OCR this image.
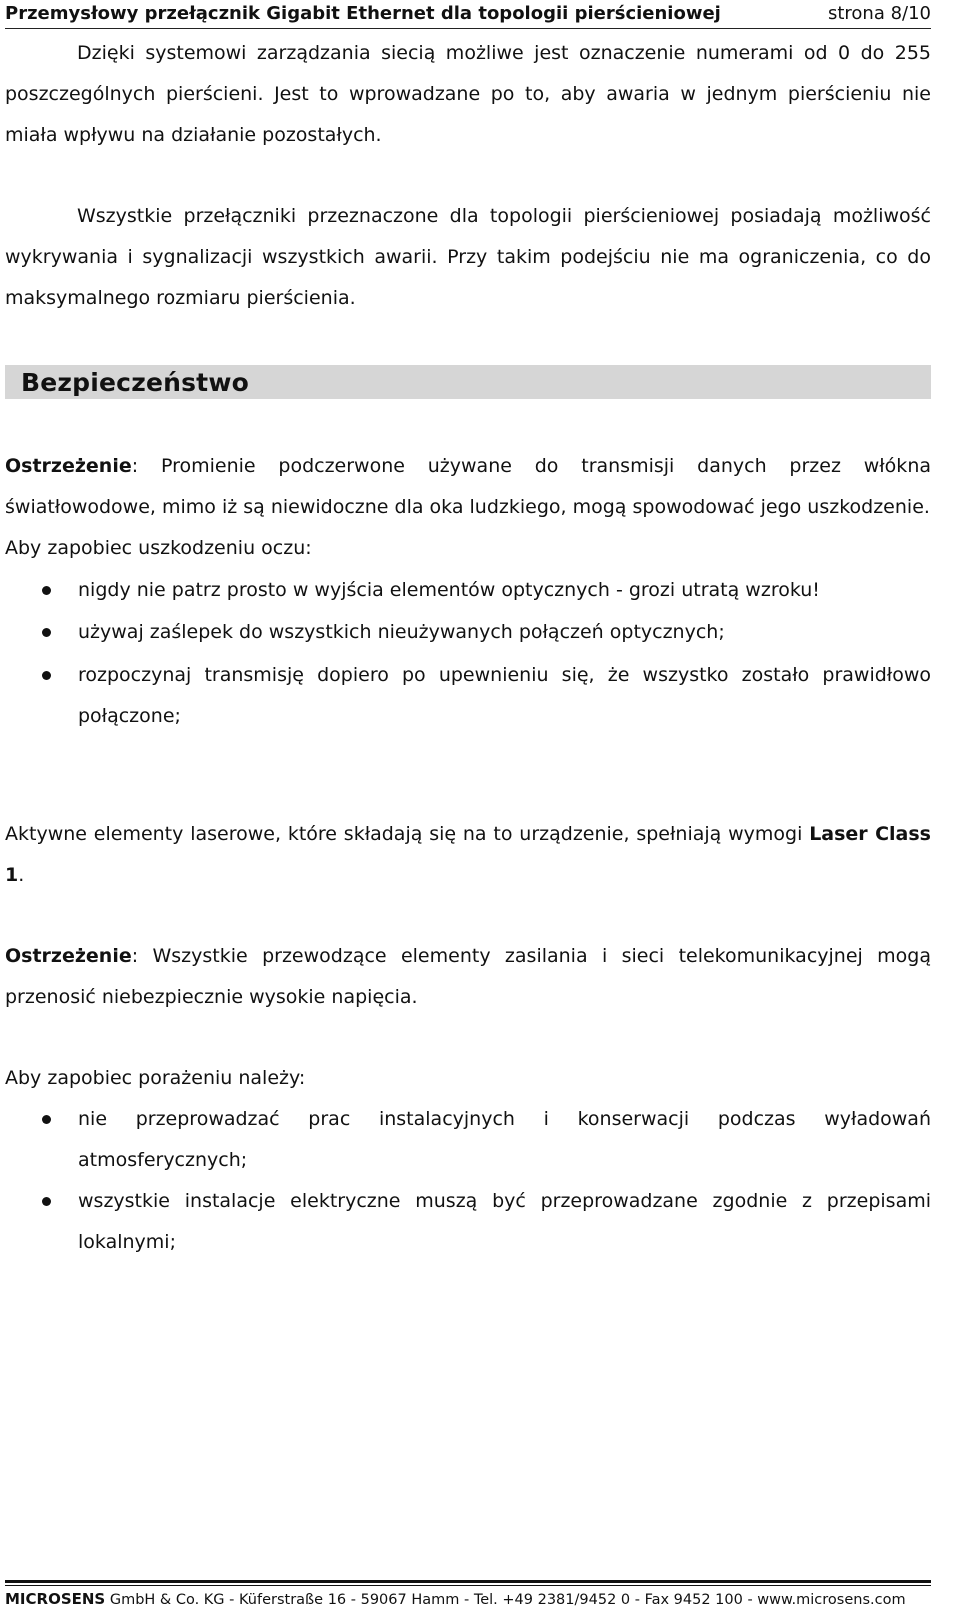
Przemysłowy przełącznik Gigabit Ethernet dla topologii pierścieniowej	strona 8/10

Dzięki systemowi zarządzania siecią możliwe jest oznaczenie numerami od 0 do 255 poszczególnych pierścieni. Jest to wprowadzane po to, aby awaria w jednym pierścieniu nie miała wpływu na działanie pozostałych.

Wszystkie przełączniki przeznaczone dla topologii pierścieniowej posiadają możliwość wykrywania i sygnalizacji wszystkich awarii. Przy takim podejściu nie ma ograniczenia, co do maksymalnego rozmiaru pierścienia.

Bezpieczeństwo

Ostrzeżenie: Promienie podczerwone używane do transmisji danych przez włókna światłowodowe, mimo iż są niewidoczne dla oka ludzkiego, mogą spowodować jego uszkodzenie.

Aby zapobiec uszkodzeniu oczu:

nigdy nie patrz prosto w wyjścia elementów optycznych - grozi utratą wzroku!
używaj zaślepek do wszystkich nieużywanych połączeń optycznych;
rozpoczynaj transmisję dopiero po upewnieniu się, że wszystko zostało prawidłowo połączone;

Aktywne elementy laserowe, które składają się na to urządzenie, spełniają wymogi Laser Class 1.

Ostrzeżenie: Wszystkie przewodzące elementy zasilania i sieci telekomunikacyjnej mogą przenosić niebezpiecznie wysokie napięcia.

Aby zapobiec porażeniu należy:

nie przeprowadzać prac instalacyjnych i konserwacji podczas wyładowań atmosferycznych;
wszystkie instalacje elektryczne muszą być przeprowadzane zgodnie z przepisami lokalnymi;
MICROSENS GmbH & Co. KG - Küferstraße 16 - 59067 Hamm - Tel. +49 2381/9452 0 - Fax 9452 100 - www.microsens.com
